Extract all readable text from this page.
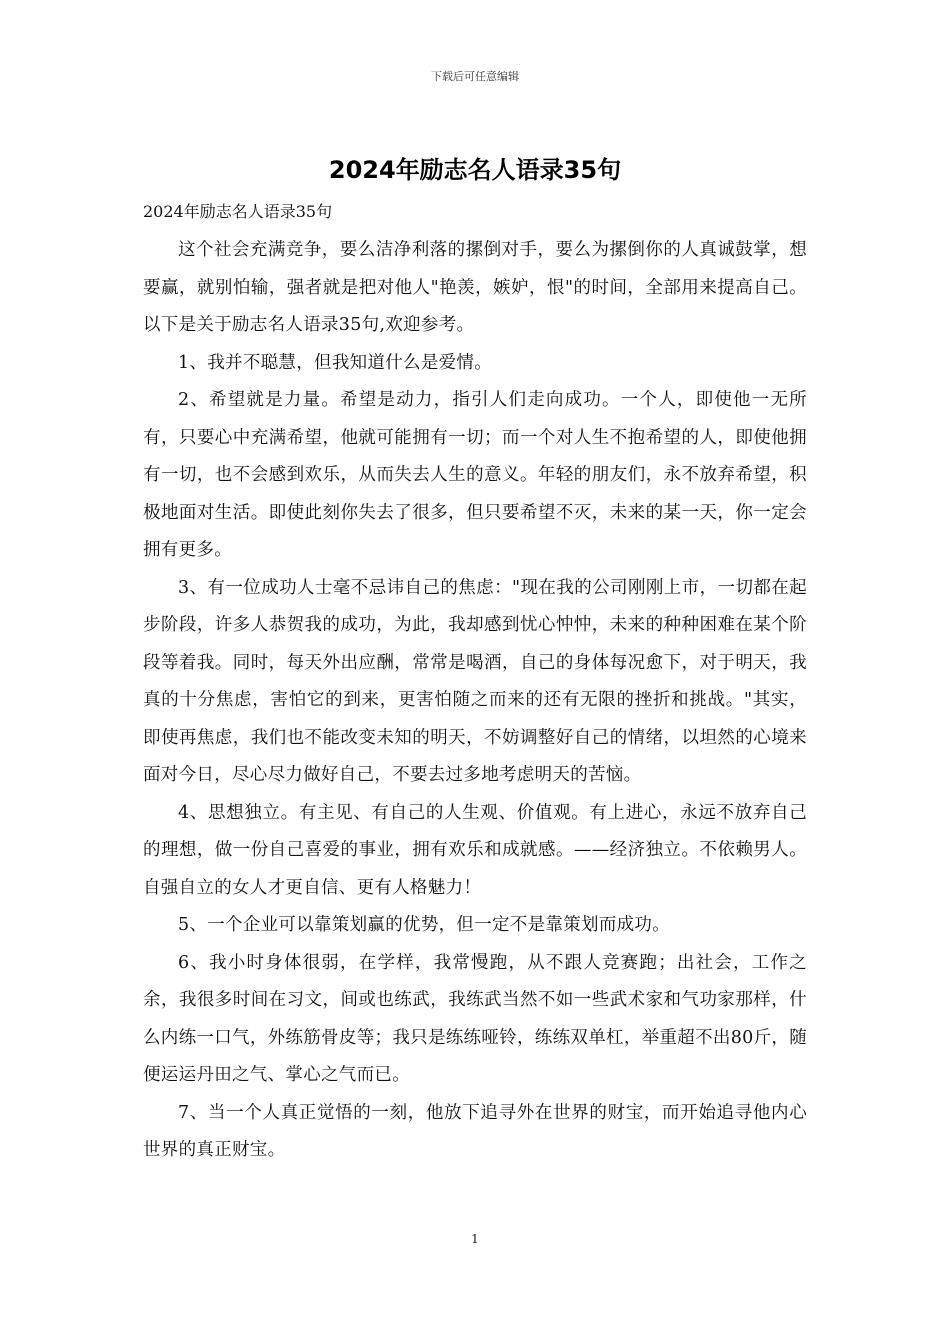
下载后可任意编辑
2024年励志名人语录35句
2024年励志名人语录35句

这个社会充满竞争，要么洁净利落的摞倒对手，要么为摞倒你的人真诚鼓掌，想要赢，就别怕输，强者就是把对他人"艳羡，嫉妒，恨"的时间，全部用来提高自己。以下是关于励志名人语录35句,欢迎参考。

1、我并不聪慧，但我知道什么是爱情。

2、希望就是力量。希望是动力，指引人们走向成功。一个人，即使他一无所有，只要心中充满希望，他就可能拥有一切；而一个对人生不抱希望的人，即使他拥有一切，也不会感到欢乐，从而失去人生的意义。年轻的朋友们，永不放弃希望，积极地面对生活。即使此刻你失去了很多，但只要希望不灭，未来的某一天，你一定会拥有更多。

3、有一位成功人士毫不忌讳自己的焦虑："现在我的公司刚刚上市，一切都在起步阶段，许多人恭贺我的成功，为此，我却感到忧心忡忡，未来的种种困难在某个阶段等着我。同时，每天外出应酬，常常是喝酒，自己的身体每况愈下，对于明天，我真的十分焦虑，害怕它的到来，更害怕随之而来的还有无限的挫折和挑战。"其实，即使再焦虑，我们也不能改变未知的明天，不妨调整好自己的情绪，以坦然的心境来面对今日，尽心尽力做好自己，不要去过多地考虑明天的苦恼。

4、思想独立。有主见、有自己的人生观、价值观。有上进心，永远不放弃自己的理想，做一份自己喜爱的事业，拥有欢乐和成就感。——经济独立。不依赖男人。自强自立的女人才更自信、更有人格魅力！

5、一个企业可以靠策划赢的优势，但一定不是靠策划而成功。

6、我小时身体很弱，在学样，我常慢跑，从不跟人竞赛跑；出社会，工作之余，我很多时间在习文，间或也练武，我练武当然不如一些武术家和气功家那样，什么内练一口气，外练筋骨皮等；我只是练练哑铃，练练双单杠，举重超不出80斤，随便运运丹田之气、掌心之气而已。

7、当一个人真正觉悟的一刻，他放下追寻外在世界的财宝，而开始追寻他内心世界的真正财宝。

1
